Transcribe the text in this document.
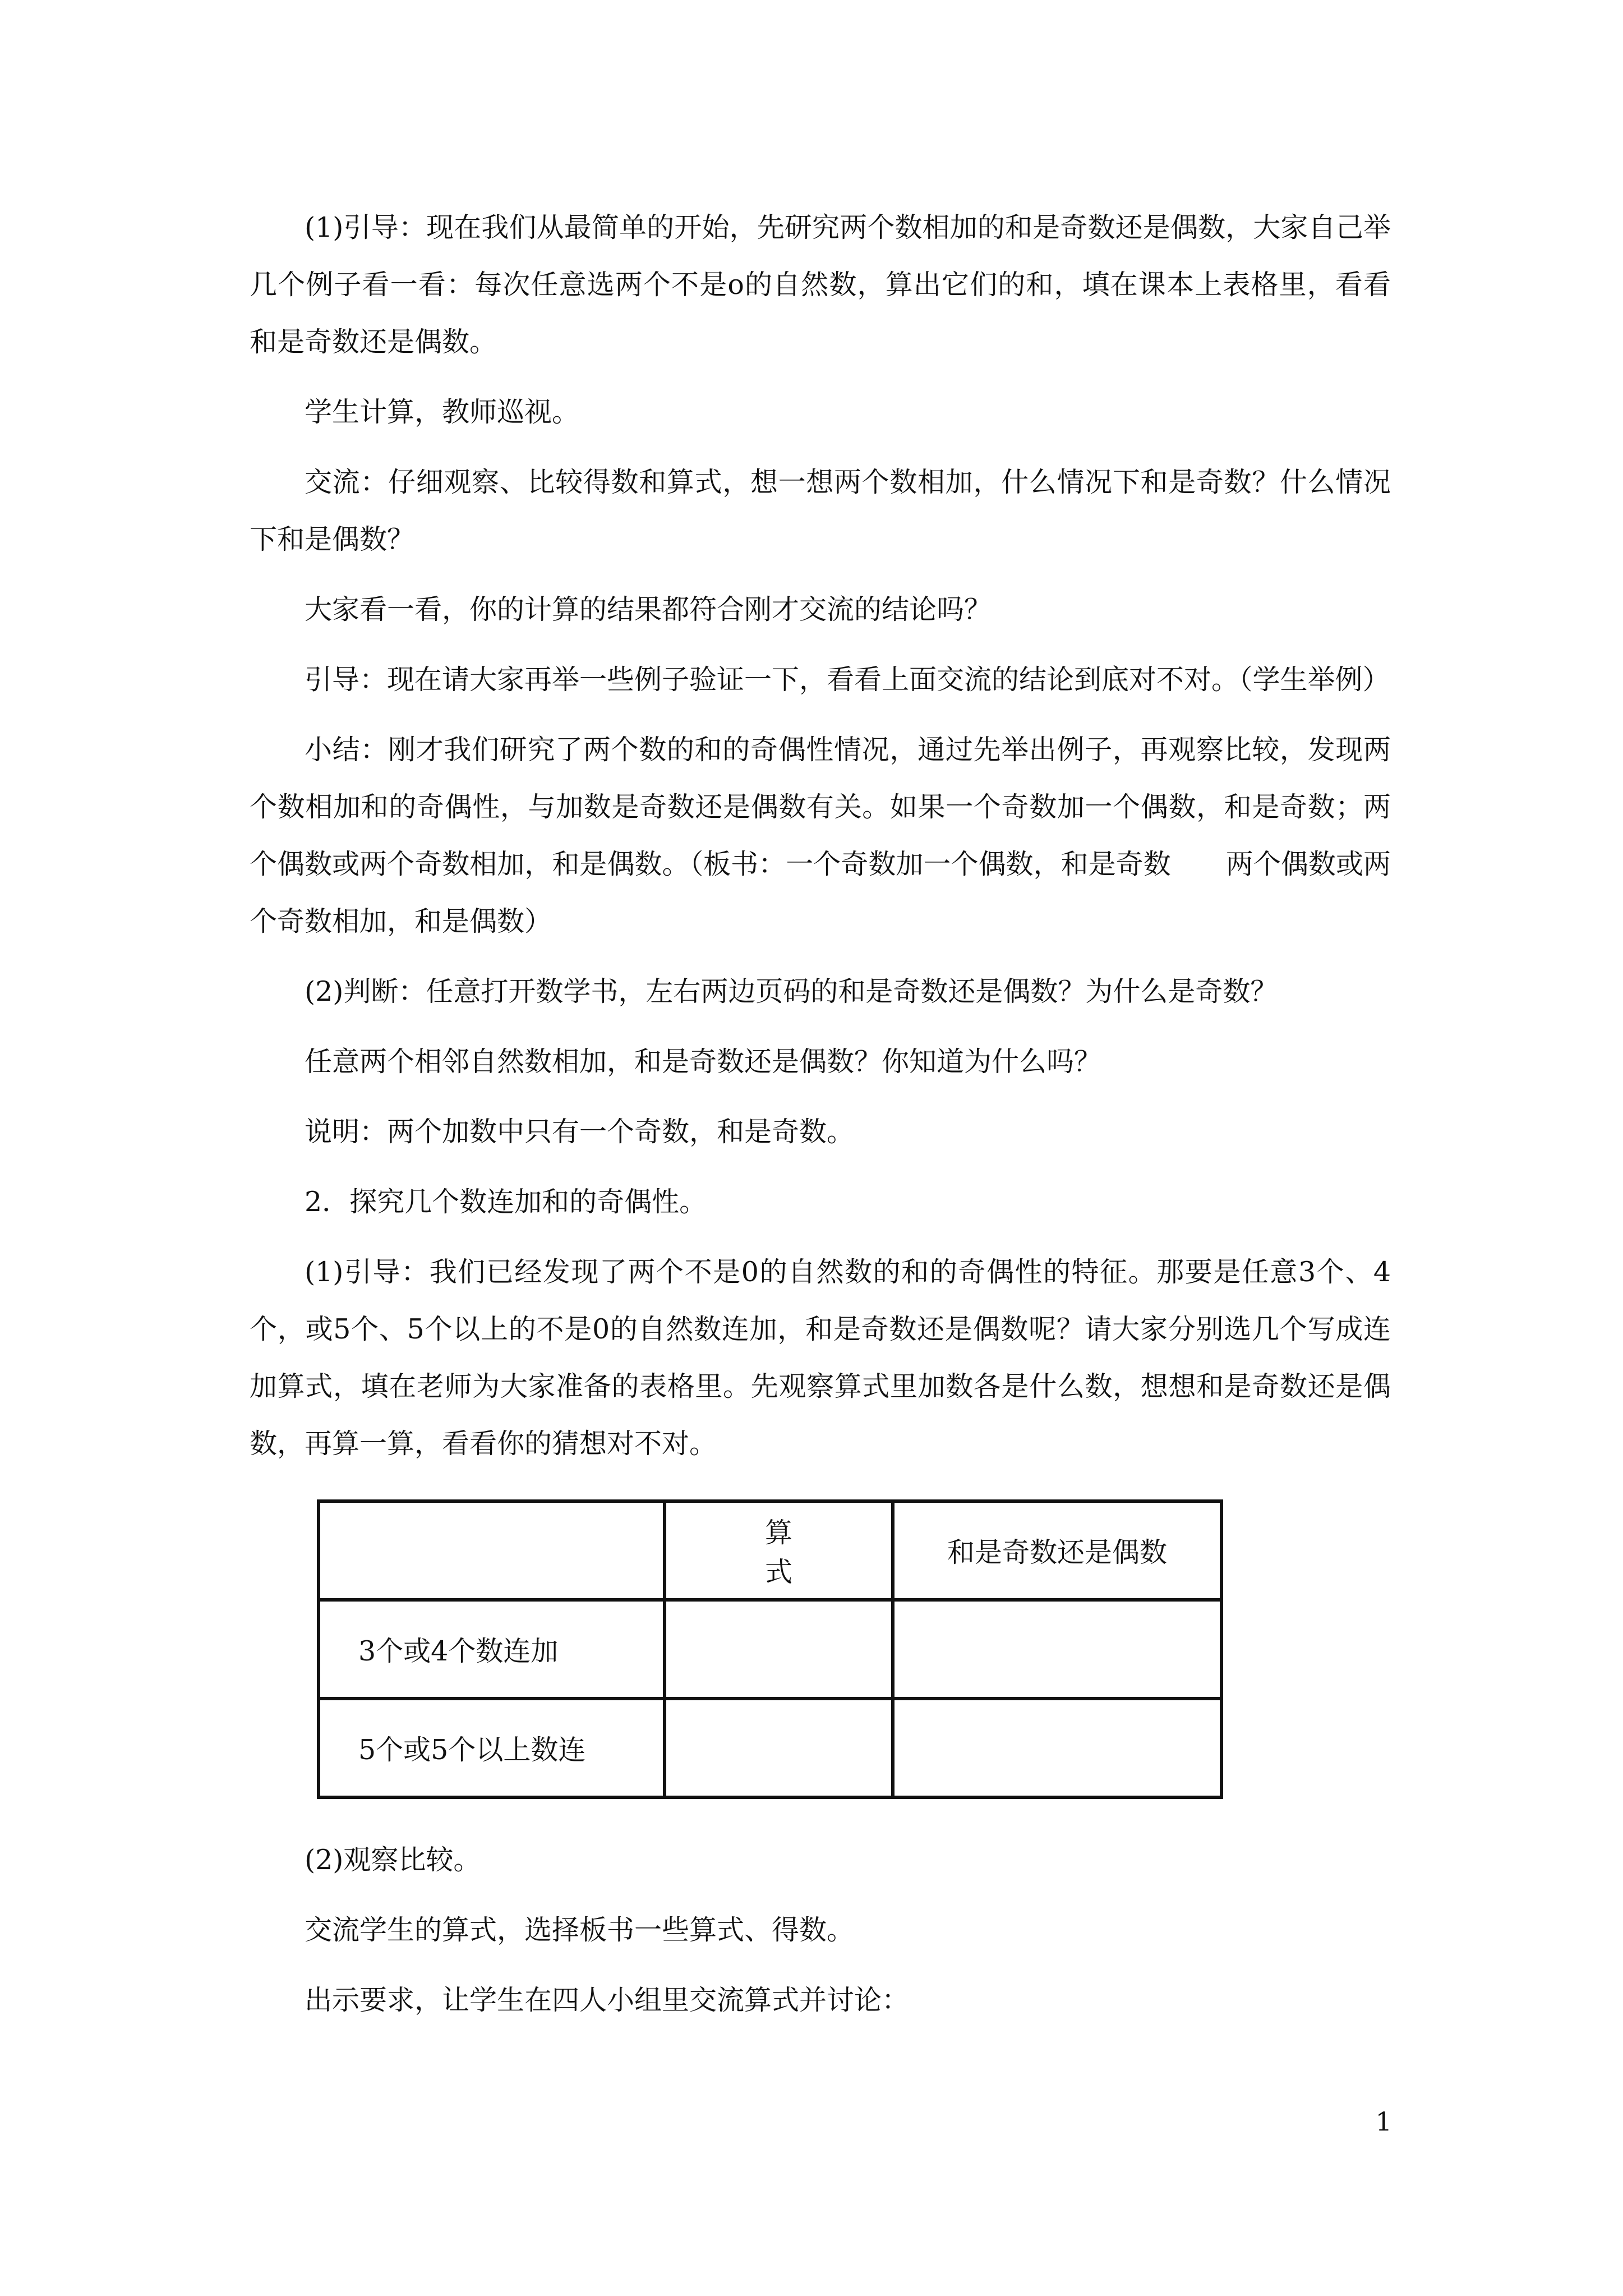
(1)引导：现在我们从最简单的开始，先研究两个数相加的和是奇数还是偶数，大家自己举几个例子看一看：每次任意选两个不是ο的自然数，算出它们的和，填在课本上表格里，看看和是奇数还是偶数。

学生计算，教师巡视。

交流：仔细观察、比较得数和算式，想一想两个数相加，什么情况下和是奇数？什么情况下和是偶数？

大家看一看，你的计算的结果都符合刚才交流的结论吗？

引导：现在请大家再举一些例子验证一下，看看上面交流的结论到底对不对。（学生举例）

小结：刚才我们研究了两个数的和的奇偶性情况，通过先举出例子，再观察比较，发现两个数相加和的奇偶性，与加数是奇数还是偶数有关。如果一个奇数加一个偶数，和是奇数；两个偶数或两个奇数相加，和是偶数。（板书：一个奇数加一个偶数，和是奇数　　两个偶数或两个奇数相加，和是偶数）

(2)判断：任意打开数学书，左右两边页码的和是奇数还是偶数？为什么是奇数？

任意两个相邻自然数相加，和是奇数还是偶数？你知道为什么吗？

说明：两个加数中只有一个奇数，和是奇数。

2．探究几个数连加和的奇偶性。

(1)引导：我们已经发现了两个不是0的自然数的和的奇偶性的特征。那要是任意3个、4个，或5个、5个以上的不是0的自然数连加，和是奇数还是偶数呢？请大家分别选几个写成连加算式，填在老师为大家准备的表格里。先观察算式里加数各是什么数，想想和是奇数还是偶数，再算一算，看看你的猜想对不对。

	算式	和是奇数还是偶数
3个或4个数连加		
5个或5个以上数连		

(2)观察比较。

交流学生的算式，选择板书一些算式、得数。

出示要求，让学生在四人小组里交流算式并讨论：

1
